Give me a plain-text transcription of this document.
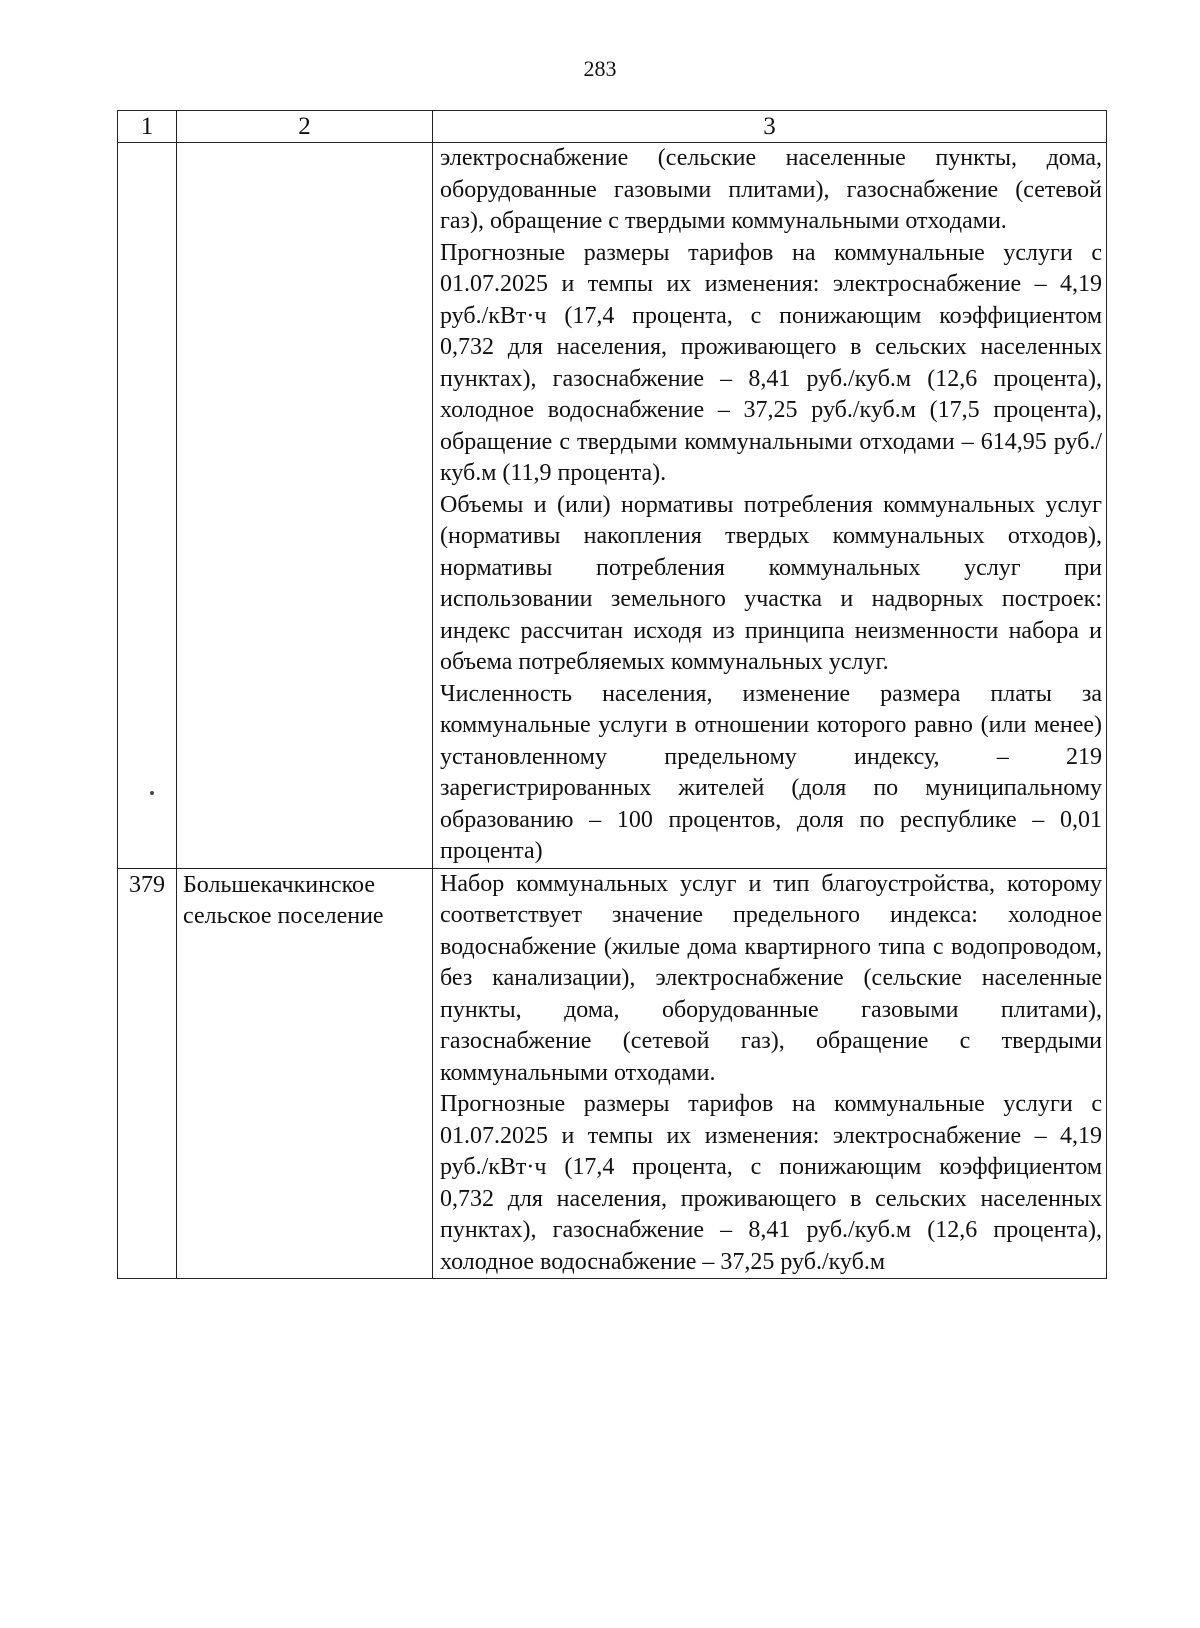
283
1	2	3

		электроснабжение (сельские населенные пункты, дома, оборудованные газовыми плитами), газоснабжение (сетевой газ), обращение с твердыми коммунальными отходами.

Прогнозные размеры тарифов на коммунальные услуги с 01.07.2025 и темпы их изменения: электроснабжение – 4,19 руб./кВт·ч (17,4 процента, с понижающим коэффициентом 0,732 для населения, проживающего в сельских населенных пунктах), газоснабжение – 8,41 руб./куб.м (12,6 процента), холодное водоснабжение – 37,25 руб./куб.м (17,5 процента), обращение с твердыми коммунальными отходами – 614,95 руб./куб.м (11,9 процента).

Объемы и (или) нормативы потребления коммунальных услуг (нормативы накопления твердых коммунальных отходов), нормативы потребления коммунальных услуг при использовании земельного участка и надворных построек: индекс рассчитан исходя из принципа неизменности набора и объема потребляемых коммунальных услуг.

Численность населения, изменение размера платы за коммунальные услуги в отношении которого равно (или менее) установленному предельному индексу, – 219 зарегистрированных жителей (доля по муниципальному образованию – 100 процентов, доля по республике – 0,01 процента)

379	Большекачкинское сельское поселение	Набор коммунальных услуг и тип благоустройства, которому соответствует значение предельного индекса: холодное водоснабжение (жилые дома квартирного типа с водопроводом, без канализации), электроснабжение (сельские населенные пункты, дома, оборудованные газовыми плитами), газоснабжение (сетевой газ), обращение с твердыми коммунальными отходами.

Прогнозные размеры тарифов на коммунальные услуги с 01.07.2025 и темпы их изменения: электроснабжение – 4,19 руб./кВт·ч (17,4 процента, с понижающим коэффициентом 0,732 для населения, проживающего в сельских населенных пунктах), газоснабжение – 8,41 руб./куб.м (12,6 процента), холодное водоснабжение – 37,25 руб./куб.м
